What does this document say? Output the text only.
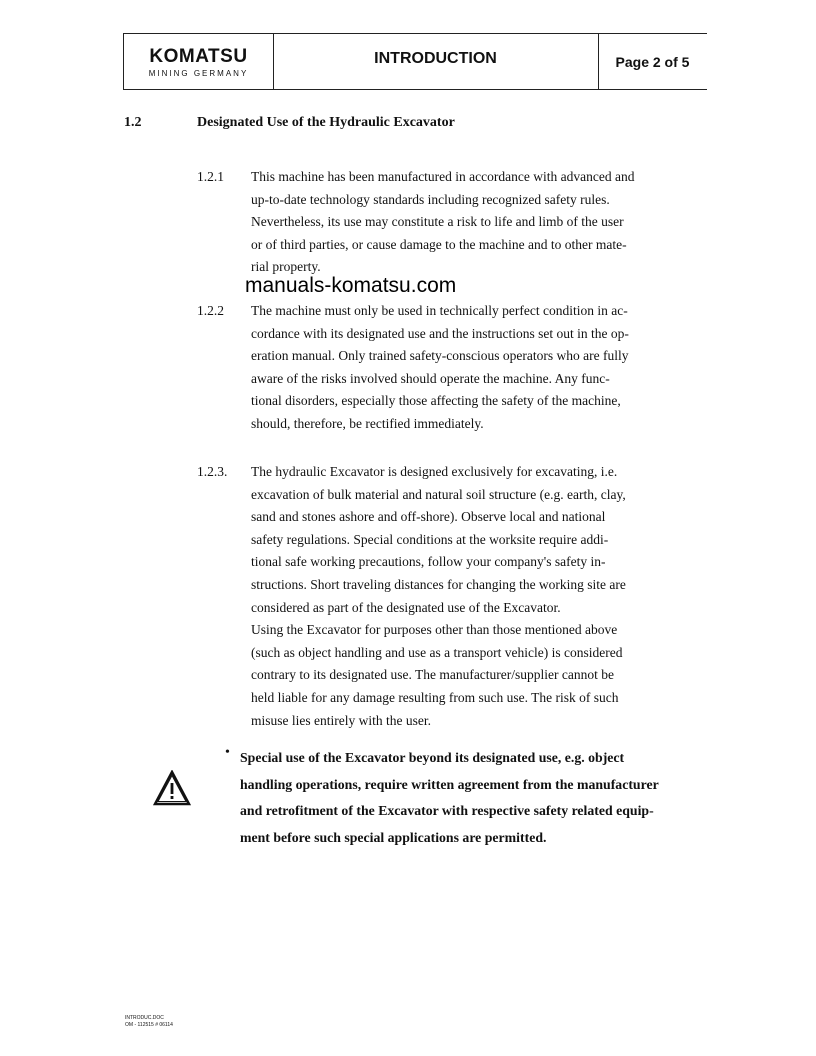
KOMATSU
MINING GERMANY
INTRODUCTION	Page 2 of 5
1.2	Designated Use of the Hydraulic Excavator
1.2.1 This machine has been manufactured in accordance with advanced and
up-to-date technology standards including recognized safety rules.
Nevertheless, its use may constitute a risk to life and limb of the user
or of third parties, or cause damage to the machine and to other mate-
rial property.
manuals-komatsu.com
1.2.2 The machine must only be used in technically perfect condition in ac-
cordance with its designated use and the instructions set out in the op-
eration manual. Only trained safety-conscious operators who are fully
aware of the risks involved should operate the machine. Any func-
tional disorders, especially those affecting the safety of the machine,
should, therefore, be rectified immediately.
1.2.3. The hydraulic Excavator is designed exclusively for excavating, i.e.
excavation of bulk material and natural soil structure (e.g. earth, clay,
sand and stones ashore and off-shore). Observe local and national
safety regulations. Special conditions at the worksite require addi-
tional safe working precautions, follow your company's safety in-
structions. Short traveling distances for changing the working site are
considered as part of the designated use of the Excavator.
Using the Excavator for purposes other than those mentioned above
(such as object handling and use as a transport vehicle) is considered
contrary to its designated use. The manufacturer/supplier cannot be
held liable for any damage resulting from such use. The risk of such
misuse lies entirely with the user.
• Special use of the Excavator beyond its designated use, e.g. object
handling operations, require written agreement from the manufacturer
and retrofitment of the Excavator with respective safety related equip-
ment before such special applications are permitted.
INTRODUC.DOC
OM - 112515 # 06114
